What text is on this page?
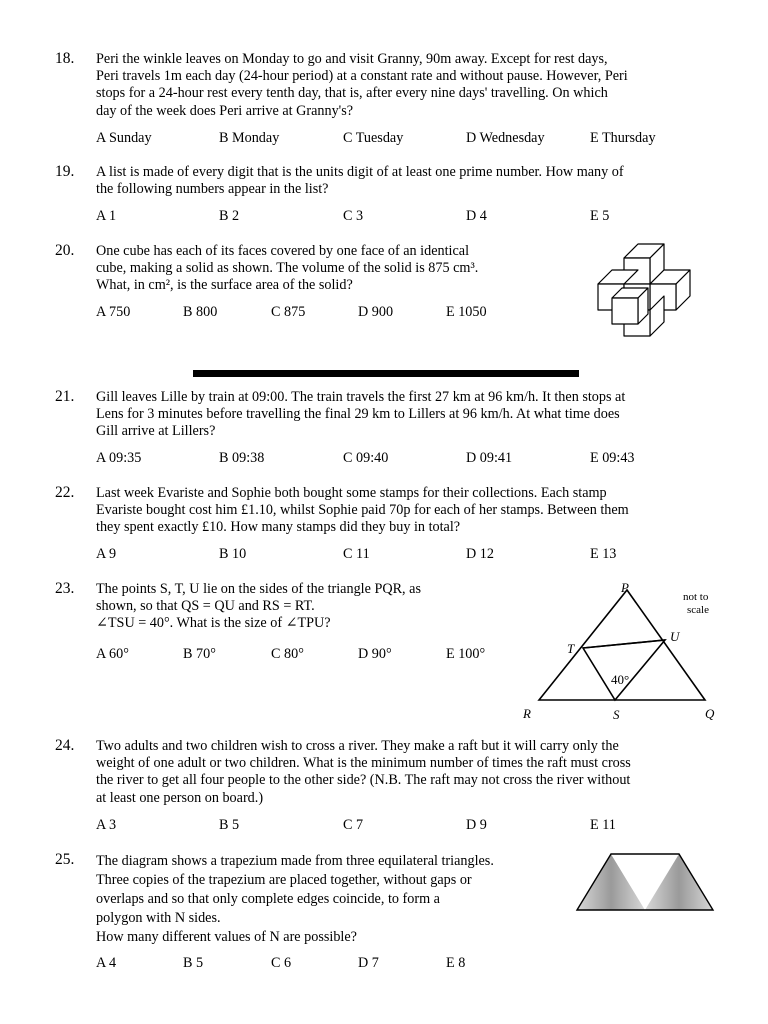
18. Peri the winkle leaves on Monday to go and visit Granny, 90m away. Except for rest days,
Peri travels 1m each day (24-hour period) at a constant rate and without pause. However, Peri
stops for a 24-hour rest every tenth day, that is, after every nine days' travelling. On which
day of the week does Peri arrive at Granny's?
A Sunday	B Monday	C Tuesday	D Wednesday	E Thursday
19. A list is made of every digit that is the units digit of at least one prime number. How many of
the following numbers appear in the list?
A 1	B 2	C 3	D 4	E 5
20. One cube has each of its faces covered by one face of an identical
cube, making a solid as shown. The volume of the solid is 875 cm³.
What, in cm², is the surface area of the solid?
A 750	B 800	C 875	D 900	E 1050
21. Gill leaves Lille by train at 09:00. The train travels the first 27 km at 96 km/h. It then stops at
Lens for 3 minutes before travelling the final 29 km to Lillers at 96 km/h. At what time does
Gill arrive at Lillers?
A 09:35	B 09:38	C 09:40	D 09:41	E 09:43
22. Last week Evariste and Sophie both bought some stamps for their collections. Each stamp
Evariste bought cost him £1.10, whilst Sophie paid 70p for each of her stamps. Between them
they spent exactly £10. How many stamps did they buy in total?
A 9	B 10	C 11	D 12	E 13
23. The points S, T, U lie on the sides of the triangle PQR, as
shown, so that QS = QU and RS = RT.
∠TSU = 40°. What is the size of ∠TPU?
A 60°	B 70°	C 80°	D 90°	E 100°
P
Q
R	S
T
U
40°
not to
scale
24. Two adults and two children wish to cross a river. They make a raft but it will carry only the
weight of one adult or two children. What is the minimum number of times the raft must cross
the river to get all four people to the other side? (N.B. The raft may not cross the river without
at least one person on board.)
A 3	B 5	C 7	D 9	E 11
25. The diagram shows a trapezium made from three equilateral triangles.
Three copies of the trapezium are placed together, without gaps or
overlaps and so that only complete edges coincide, to form a
polygon with N sides.
How many different values of N are possible?
A 4	B 5	C 6	D 7	E 8
